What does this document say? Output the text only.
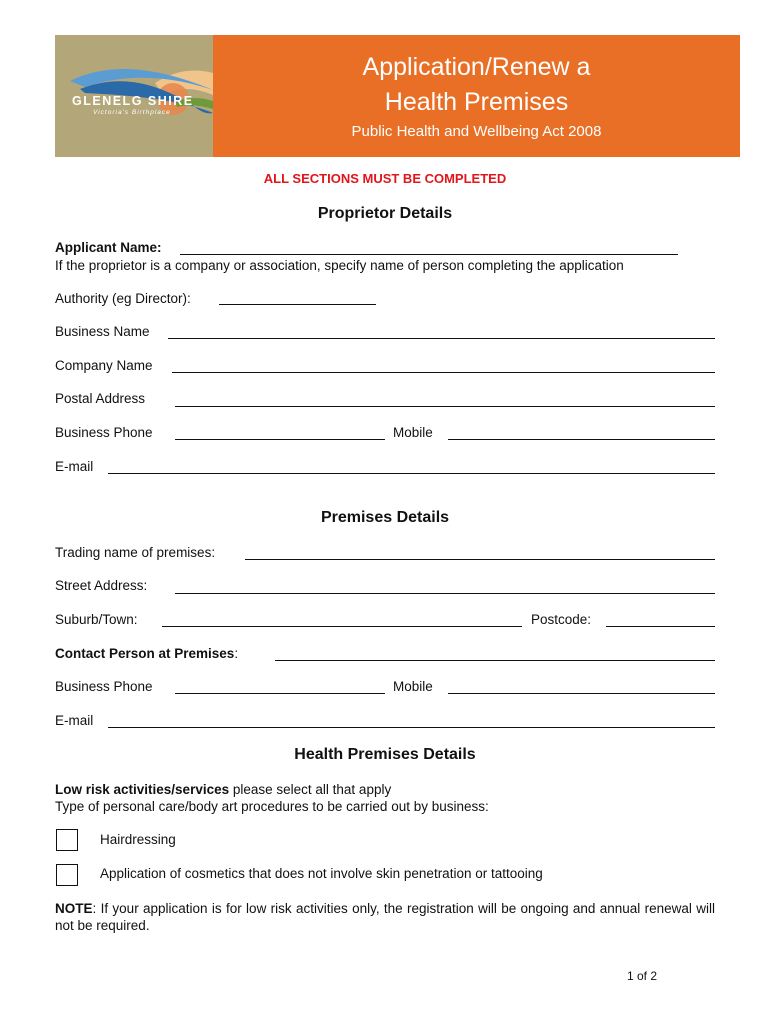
GLENELG SHIRE
Victoria's Birthplace
Application/Renew a
Health Premises
Public Health and Wellbeing Act 2008
ALL SECTIONS MUST BE COMPLETED
Proprietor Details
Applicant Name:
If the proprietor is a company or association, specify name of person completing the application
Authority (eg Director):
Business Name
Company Name
Postal Address
Business Phone	Mobile
E-mail
Premises Details
Trading name of premises:
Street Address:
Suburb/Town:	Postcode:
Contact Person at Premises:
Business Phone	Mobile
E-mail
Health Premises Details
Low risk activities/services please select all that apply
Type of personal care/body art procedures to be carried out by business:
Hairdressing
Application of cosmetics that does not involve skin penetration or tattooing
NOTE: If your application is for low risk activities only, the registration will be ongoing and annual renewal will not be required.
1 of 2
